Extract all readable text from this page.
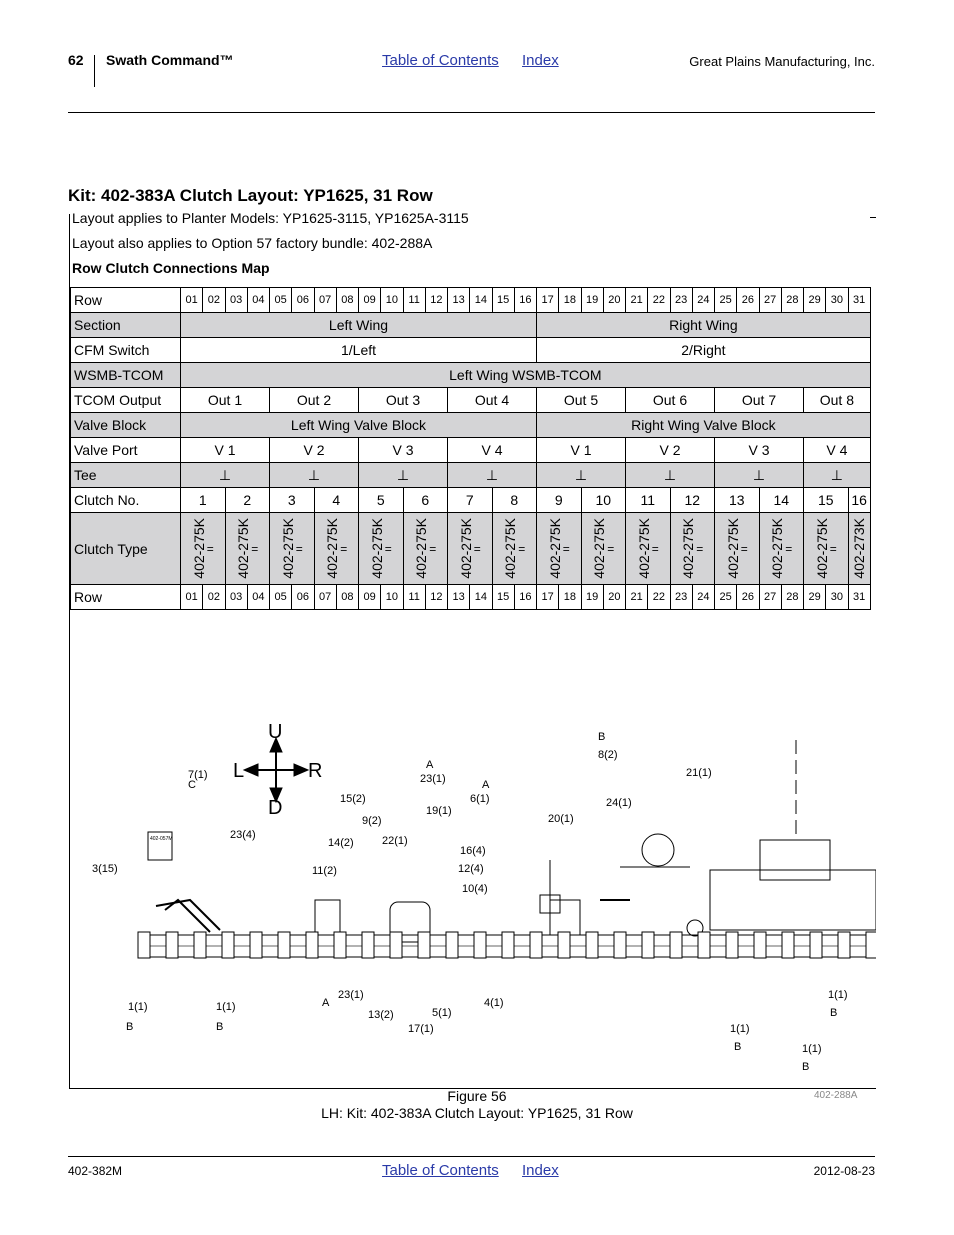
62 Swath Command™	Table of Contents Index	Great Plains Manufacturing, Inc.
Kit: 402-383A Clutch Layout: YP1625, 31 Row
Layout applies to Planter Models: YP1625-3115, YP1625A-3115
Layout also applies to Option 57 factory bundle: 402-288A
Row Clutch Connections Map
Row	01	02	03	04	05	06	07	08	09	10	11	12	13	14	15	16	17	18	19	20	21	22	23	24	25	26	27	28	29	30	31
Section	Left Wing																Right Wing														
CFM Switch	1/Left																2/Right														
WSMB-TCOM	Left Wing WSMB-TCOM																														
TCOM Output	Out 1				Out 2				Out 3				Out 4				Out 5				Out 6				Out 7				Out 8		
Valve Block	Left Wing Valve Block																Right Wing Valve Block														
Valve Port	V 1				V 2				V 3				V 4				V 1				V 2				V 3				V 4		
Tee	⊥				⊥				⊥				⊥				⊥				⊥				⊥				⊥		
Clutch No.	1		2		3		4		5		6		7		8		9		10		11		12		13		14		15		16
Clutch Type	402-275K =		402-275K =		402-275K =		402-275K =		402-275K =		402-275K =		402-275K =		402-275K =		402-275K =		402-275K =		402-275K =		402-275K =		402-275K =		402-275K =		402-275K =		402-273K

Row	01	02	03	04	05	06	07	08	09	10	11	12	13	14	15	16	17	18	19	20	21	22	23	24	25	26	27	28	29	30	31
U
D
L	R
7(1)
C
23(4)
3(15)
15(2)
9(2)
14(2)	22(1)
11(2)
23(1)
A
19(1)
6(1)
A
16(4)
12(4)
10(4)
20(1)
8(2)
B
24(1)
21(1)
1(1)
B
1(1)
B
23(1)
A
13(2)
17(1)
5(1)
4(1)
1(1)
B
1(1)
B
1(1)
B
402-057M
Figure 56
LH: Kit: 402-383A Clutch Layout: YP1625, 31 Row
402-288A
402-382M	Table of Contents Index	2012-08-23
